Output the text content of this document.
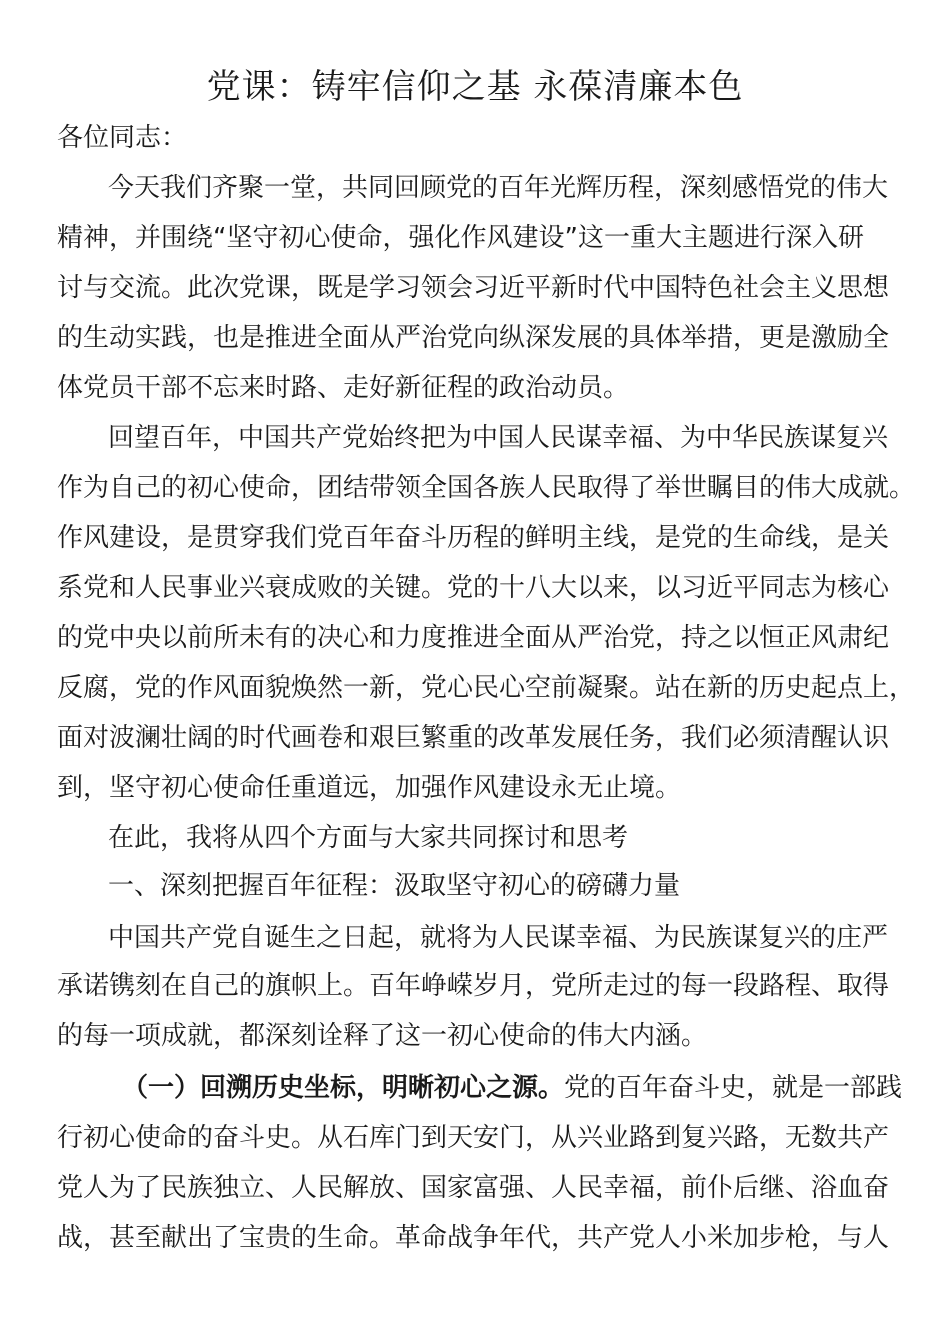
党课：铸牢信仰之基 永葆清廉本色
各位同志：
今天我们齐聚一堂，共同回顾党的百年光辉历程，深刻感悟党的伟大
精神，并围绕“坚守初心使命，强化作风建设”这一重大主题进行深入研
讨与交流。此次党课，既是学习领会习近平新时代中国特色社会主义思想
的生动实践，也是推进全面从严治党向纵深发展的具体举措，更是激励全
体党员干部不忘来时路、走好新征程的政治动员。
回望百年，中国共产党始终把为中国人民谋幸福、为中华民族谋复兴
作为自己的初心使命，团结带领全国各族人民取得了举世瞩目的伟大成就。
作风建设，是贯穿我们党百年奋斗历程的鲜明主线，是党的生命线，是关
系党和人民事业兴衰成败的关键。党的十八大以来，以习近平同志为核心
的党中央以前所未有的决心和力度推进全面从严治党，持之以恒正风肃纪
反腐，党的作风面貌焕然一新，党心民心空前凝聚。站在新的历史起点上，
面对波澜壮阔的时代画卷和艰巨繁重的改革发展任务，我们必须清醒认识
到，坚守初心使命任重道远，加强作风建设永无止境。
在此，我将从四个方面与大家共同探讨和思考
一、深刻把握百年征程：汲取坚守初心的磅礴力量
中国共产党自诞生之日起，就将为人民谋幸福、为民族谋复兴的庄严
承诺镌刻在自己的旗帜上。百年峥嵘岁月，党所走过的每一段路程、取得
的每一项成就，都深刻诠释了这一初心使命的伟大内涵。
（一）回溯历史坐标，明晰初心之源。党的百年奋斗史，就是一部践
行初心使命的奋斗史。从石库门到天安门，从兴业路到复兴路，无数共产
党人为了民族独立、人民解放、国家富强、人民幸福，前仆后继、浴血奋
战，甚至献出了宝贵的生命。革命战争年代，共产党人小米加步枪，与人
